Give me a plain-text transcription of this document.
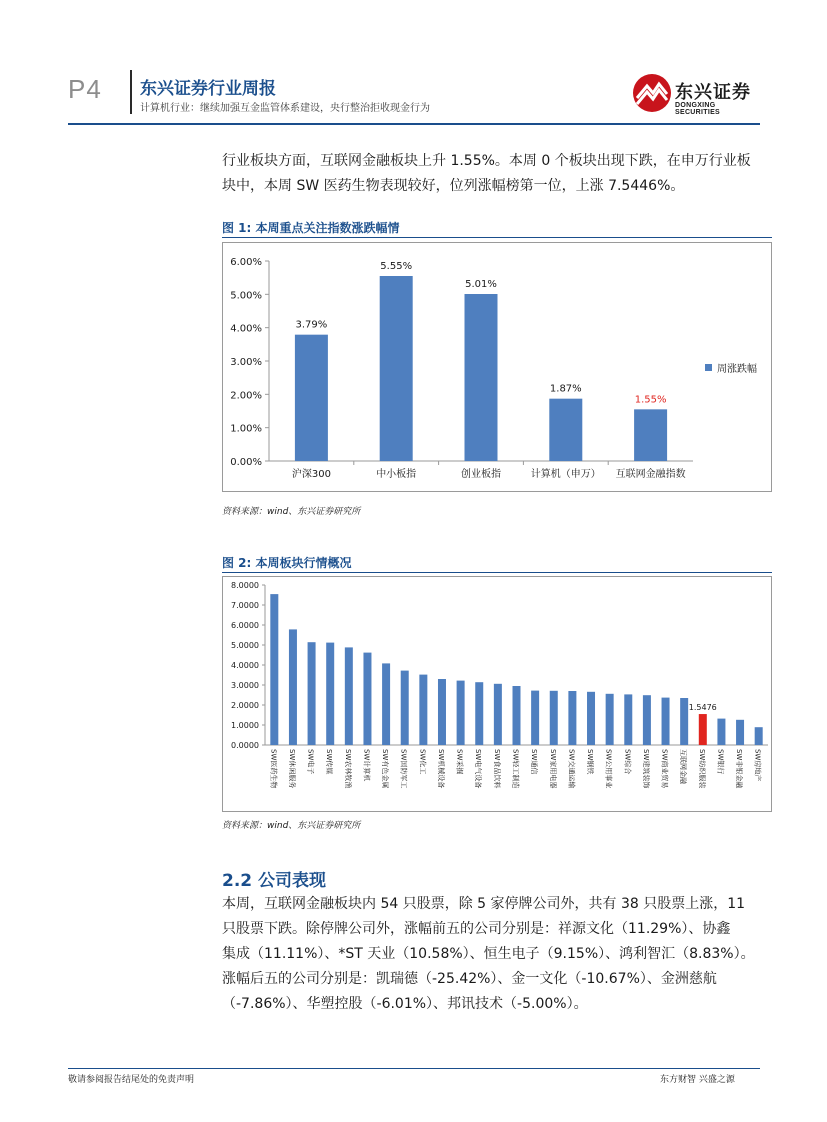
P4 东兴证券行业周报
计算机行业：继续加强互金监管体系建设，央行整治拒收现金行为
东兴证券
DONGXING SECURITIES

行业板块方面，互联网金融板块上升 1.55%。本周 0 个板块出现下跌，在申万行业板

块中，本周 SW 医药生物表现较好，位列涨幅榜第一位，上涨 7.5446%。

图 1: 本周重点关注指数涨跌幅情
0.00%
1.00%
2.00%
3.00%
4.00%
5.00%
6.00%
3.79%
沪深300
5.55%
中小板指
5.01%
创业板指
1.87%
计算机（申万）
1.55%
互联网金融指数
周涨跌幅
资料来源：wind、东兴证券研究所
图 2: 本周板块行情概况
0.0000
1.0000
2.0000
3.0000
4.0000
5.0000
6.0000
7.0000
8.0000
SW医药生物 SW休闲服务 SW电子 SW传媒 SW农林牧渔 SW计算机 SW有色金属 SW国防军工 SW化工 SW机械设备 SW采掘 SW电气设备 SW食品饮料 SW轻工制造 SW通信 SW家用电器 SW交通运输 SW钢铁 SW公用事业 SW综合 SW建筑装饰 SW商业贸易 互联网金融
1.5476
SW纺织服装 SW银行 SW非银金融 SW房地产
资料来源：wind、东兴证券研究所
2.2 公司表现

本周，互联网金融板块内 54 只股票，除 5 家停牌公司外，共有 38 只股票上涨，11

只股票下跌。除停牌公司外，涨幅前五的公司分别是：祥源文化（11.29%）、协鑫

集成（11.11%）、*ST 天业（10.58%）、恒生电子（9.15%）、鸿利智汇（8.83%）。

涨幅后五的公司分别是：凯瑞德（-25.42%）、金一文化（-10.67%）、金洲慈航

（-7.86%）、华塑控股（-6.01%）、邦讯技术（-5.00%）。

敬请参阅报告结尾处的免责声明	东方财智 兴盛之源
